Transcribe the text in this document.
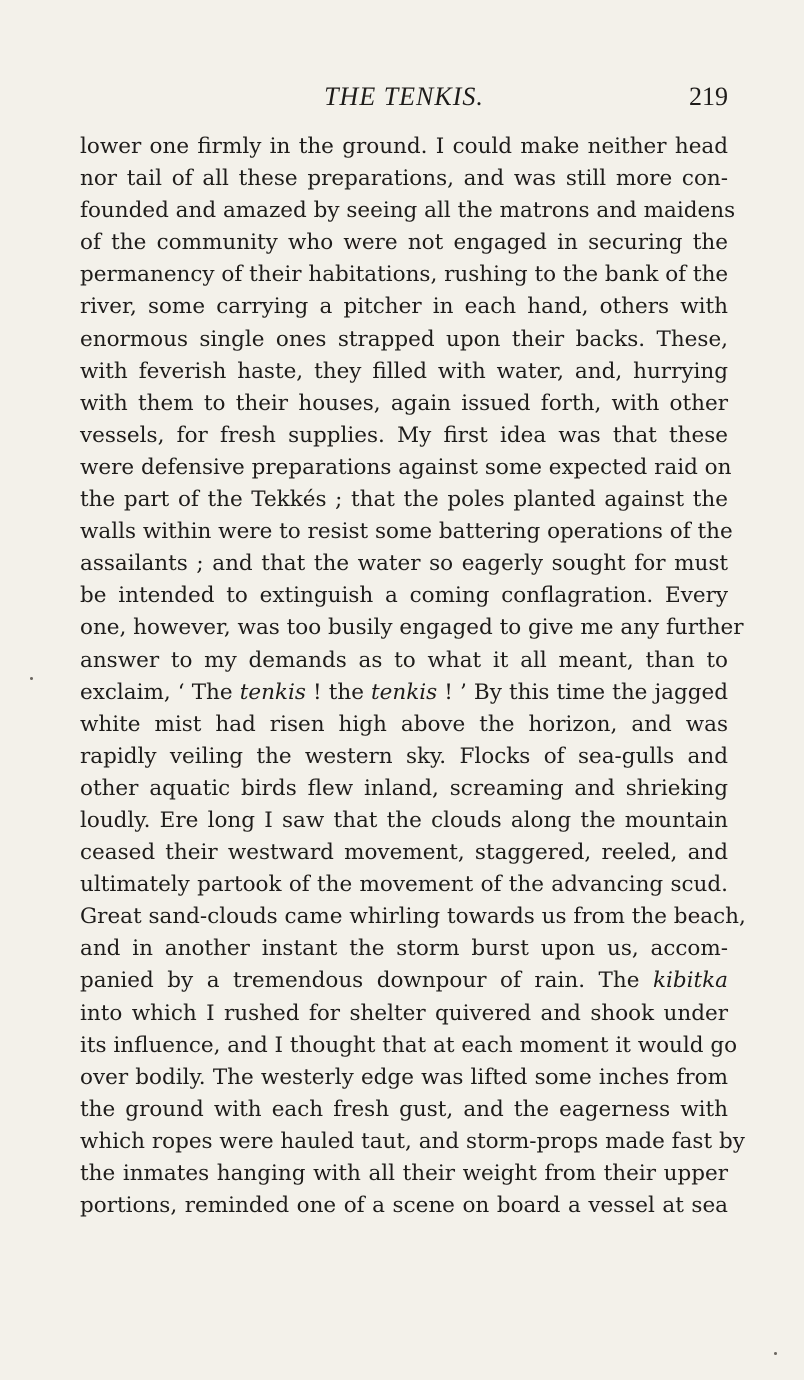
THE TENKIS.	219
lower one firmly in the ground. I could make neither head
nor tail of all these preparations, and was still more con-
founded and amazed by seeing all the matrons and maidens
of the community who were not engaged in securing the
permanency of their habitations, rushing to the bank of the
river, some carrying a pitcher in each hand, others with
enormous single ones strapped upon their backs. These,
with feverish haste, they filled with water, and, hurrying
with them to their houses, again issued forth, with other
vessels, for fresh supplies. My first idea was that these
were defensive preparations against some expected raid on
the part of the Tekkés ; that the poles planted against the
walls within were to resist some battering operations of the
assailants ; and that the water so eagerly sought for must
be intended to extinguish a coming conflagration. Every
one, however, was too busily engaged to give me any further
answer to my demands as to what it all meant, than to
exclaim, ‘ The tenkis ! the tenkis ! ’ By this time the jagged
white mist had risen high above the horizon, and was
rapidly veiling the western sky. Flocks of sea-gulls and
other aquatic birds flew inland, screaming and shrieking
loudly. Ere long I saw that the clouds along the mountain
ceased their westward movement, staggered, reeled, and
ultimately partook of the movement of the advancing scud.
Great sand-clouds came whirling towards us from the beach,
and in another instant the storm burst upon us, accom-
panied by a tremendous downpour of rain. The kibitka
into which I rushed for shelter quivered and shook under
its influence, and I thought that at each moment it would go
over bodily. The westerly edge was lifted some inches from
the ground with each fresh gust, and the eagerness with
which ropes were hauled taut, and storm-props made fast by
the inmates hanging with all their weight from their upper
portions, reminded one of a scene on board a vessel at sea
